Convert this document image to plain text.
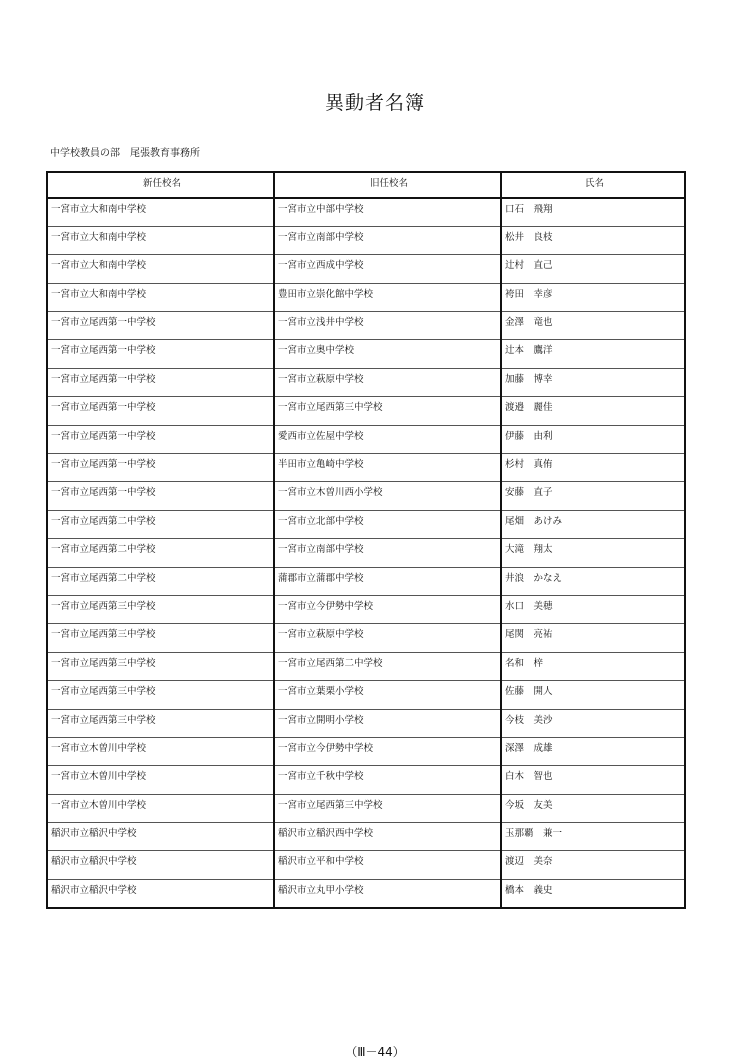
異動者名簿
中学校教員の部　 尾張教育事務所
新任校名	旧任校名	氏名
一宮市立大和南中学校	一宮市立中部中学校	口石　飛翔
一宮市立大和南中学校	一宮市立南部中学校	松井　良枝
一宮市立大和南中学校	一宮市立西成中学校	辻村　直己
一宮市立大和南中学校	豊田市立崇化館中学校	袴田　幸彦
一宮市立尾西第一中学校	一宮市立浅井中学校	金澤　竜也
一宮市立尾西第一中学校	一宮市立奥中学校	辻本　鷹洋
一宮市立尾西第一中学校	一宮市立萩原中学校	加藤　博幸
一宮市立尾西第一中学校	一宮市立尾西第三中学校	渡邉　麗佳
一宮市立尾西第一中学校	愛西市立佐屋中学校	伊藤　由利
一宮市立尾西第一中学校	半田市立亀崎中学校	杉村　真侑
一宮市立尾西第一中学校	一宮市立木曽川西小学校	安藤　直子
一宮市立尾西第二中学校	一宮市立北部中学校	尾畑　あけみ
一宮市立尾西第二中学校	一宮市立南部中学校	大滝　翔太
一宮市立尾西第二中学校	蒲郡市立蒲郡中学校	井浪　かなえ
一宮市立尾西第三中学校	一宮市立今伊勢中学校	水口　美穂
一宮市立尾西第三中学校	一宮市立萩原中学校	尾関　亮祐
一宮市立尾西第三中学校	一宮市立尾西第二中学校	名和　梓
一宮市立尾西第三中学校	一宮市立葉栗小学校	佐藤　開人
一宮市立尾西第三中学校	一宮市立開明小学校	今枝　美沙
一宮市立木曽川中学校	一宮市立今伊勢中学校	深澤　成雄
一宮市立木曽川中学校	一宮市立千秋中学校	白木　智也
一宮市立木曽川中学校	一宮市立尾西第三中学校	今坂　友美
稲沢市立稲沢中学校	稲沢市立稲沢西中学校	玉那覇　兼一
稲沢市立稲沢中学校	稲沢市立平和中学校	渡辺　美奈
稲沢市立稲沢中学校	稲沢市立丸甲小学校	橋本　義史
（Ⅲ－44）
